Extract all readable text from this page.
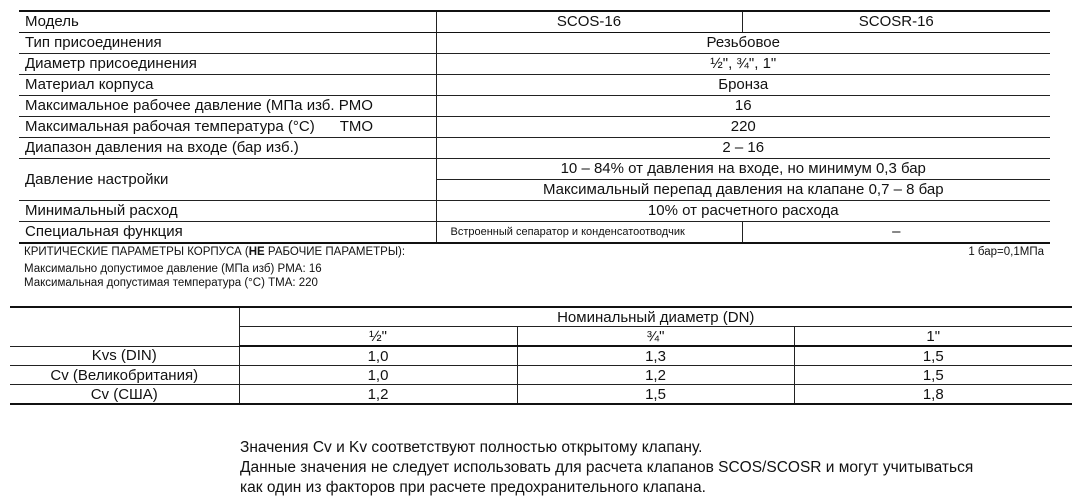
Модель	SCOS-16	SCOSR-16
Тип присоединения	Резьбовое	
Диаметр присоединения	½", ¾", 1"	
Материал корпуса	Бронза	
Максимальное рабочее давление (МПа изб. PMO	16	
Максимальная рабочая температура (°C)      TMO	220	
Диапазон давления на входе (бар изб.)	2 – 16	
Давление настройки	10 – 84% от давления на входе, но минимум 0,3 бар	
	Максимальный перепад давления на клапане 0,7 – 8 бар	
Минимальный расход	10% от расчетного расхода	
Специальная функция	Встроенный сепаратор и конденсатоотводчик	–
КРИТИЧЕСКИЕ ПАРАМЕТРЫ КОРПУСА (НЕ РАБОЧИЕ ПАРАМЕТРЫ):	1 бар=0,1МПа
Максимально допустимое давление (МПа изб) PMA: 16
Максимальная допустимая температура (°C) TMA: 220
	Номинальный диаметр (DN)		
	½"	¾"	1"
Kvs (DIN)	1,0	1,3	1,5
Cv (Великобритания)	1,0	1,2	1,5
Cv (США)	1,2	1,5	1,8
Значения Cv и Kv соответствуют полностью открытому клапану.
Данные значения не следует использовать для расчета клапанов SCOS/SCOSR и могут учитываться
как один из факторов при расчете предохранительного клапана.
